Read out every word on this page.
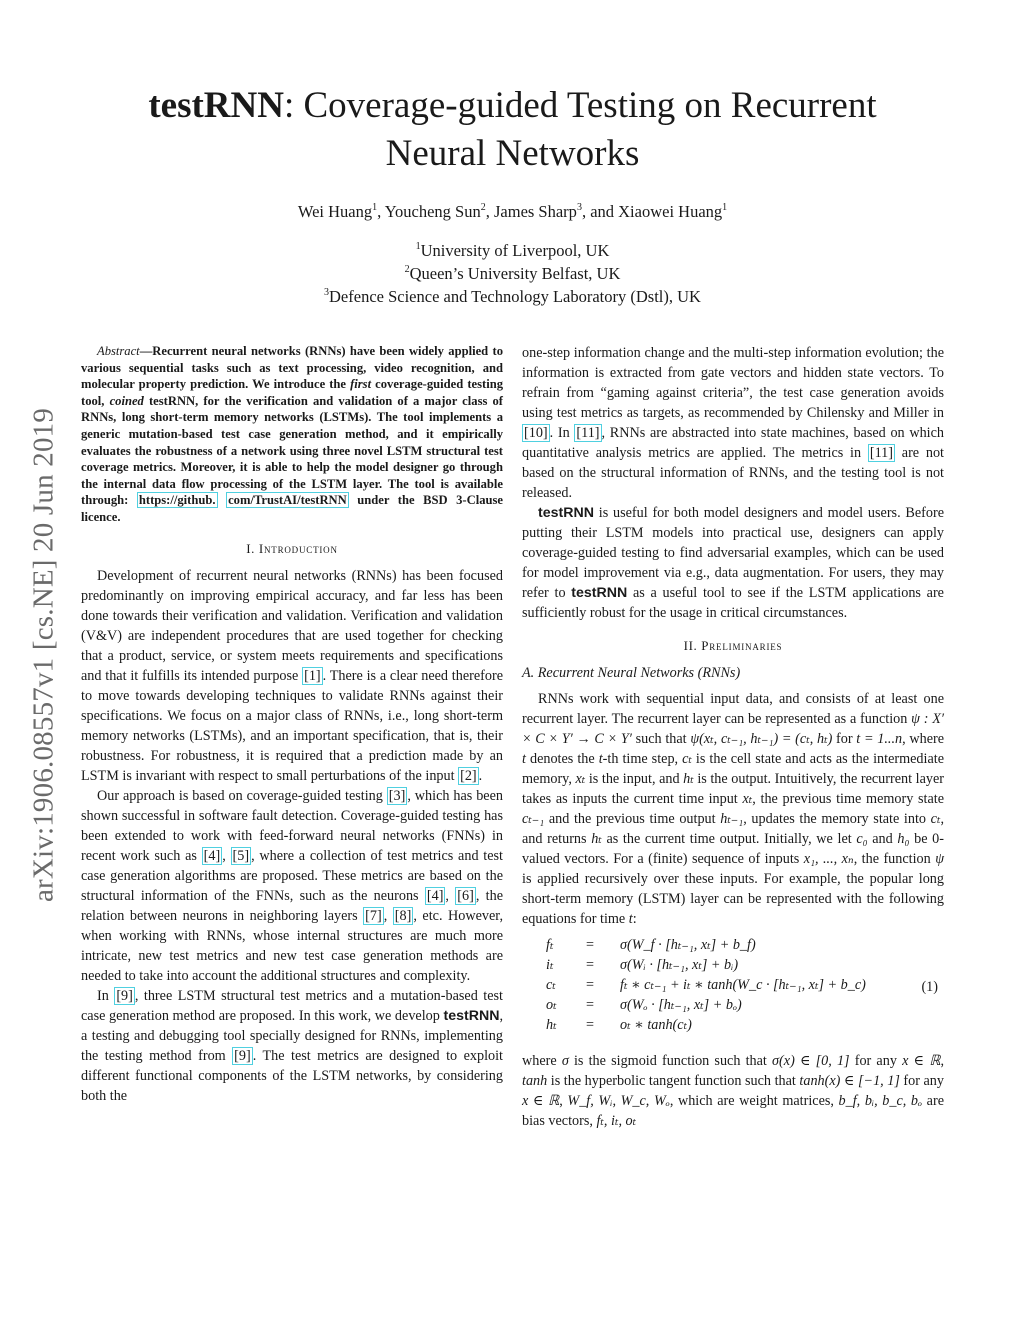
arXiv:1906.08557v1 [cs.NE] 20 Jun 2019
testRNN: Coverage-guided Testing on Recurrent
Neural Networks
Wei Huang$^1$, Youcheng Sun$^2$, James Sharp$^3$, and Xiaowei Huang$^1$
$^1$University of Liverpool, UK
$^2$Queen’s University Belfast, UK
$^3$Defence Science and Technology Laboratory (Dstl), UK

Abstract—Recurrent neural networks (RNNs) have been widely applied to various sequential tasks such as text processing, video recognition, and molecular property prediction. We introduce the first coverage-guided testing tool, coined testRNN, for the verification and validation of a major class of RNNs, long short-term memory networks (LSTMs). The tool implements a generic mutation-based test case generation method, and it empirically evaluates the robustness of a network using three novel LSTM structural test coverage metrics. Moreover, it is able to help the model designer go through the internal data flow processing of the LSTM layer. The tool is available through: https://github. com/TrustAI/testRNN under the BSD 3-Clause licence.

I. Introduction

Development of recurrent neural networks (RNNs) has been focused predominantly on improving empirical accuracy, and far less has been done towards their verification and validation. Verification and validation (V&V) are independent procedures that are used together for checking that a product, service, or system meets requirements and specifications and that it fulfills its intended purpose [1] . There is a clear need therefore to move towards developing techniques to validate RNNs against their specifications. We focus on a major class of RNNs, i.e., long short-term memory networks (LSTMs), and an important specification, that is, their robustness. For robustness, it is required that a prediction made by an LSTM is invariant with respect to small perturbations of the input [2] .

Our approach is based on coverage-guided testing [3] , which has been shown successful in software fault detection. Coverage-guided testing has been extended to work with feed-forward neural networks (FNNs) in recent work such as [4] , [5] , where a collection of test metrics and test case generation algorithms are proposed. These metrics are based on the structural information of the FNNs, such as the neurons [4] , [6] , the relation between neurons in neighboring layers [7] , [8] , etc. However, when working with RNNs, whose internal structures are much more intricate, new test metrics and new test case generation methods are needed to take into account the additional structures and complexity.

In [9] , three LSTM structural test metrics and a mutation-based test case generation method are proposed. In this work, we develop testRNN, a testing and debugging tool specially designed for RNNs, implementing the testing method from [9] . The test metrics are designed to exploit different functional components of the LSTM networks, by considering both the

one-step information change and the multi-step information evolution; the information is extracted from gate vectors and hidden state vectors. To refrain from “gaming against criteria”, the test case generation avoids using test metrics as targets, as recommended by Chilensky and Miller in [10] . In [11] , RNNs are abstracted into state machines, based on which quantitative analysis metrics are applied. The metrics in [11] are not based on the structural information of RNNs, and the testing tool is not released.

testRNN is useful for both model designers and model users. Before putting their LSTM models into practical use, designers can apply coverage-guided testing to find adversarial examples, which can be used for model improvement via e.g., data augmentation. For users, they may refer to testRNN as a useful tool to see if the LSTM applications are sufficiently robust for the usage in critical circumstances.

II. Preliminaries
A. Recurrent Neural Networks (RNNs)

RNNs work with sequential input data, and consists of at least one recurrent layer. The recurrent layer can be represented as a function ψ : X′ × C × Y′ → C × Y′ such that ψ(xₜ, cₜ₋₁, hₜ₋₁) = (cₜ, hₜ) for t = 1...n, where t denotes the t-th time step, cₜ is the cell state and acts as the intermediate memory, xₜ is the input, and hₜ is the output. Intuitively, the recurrent layer takes as inputs the current time input xₜ, the previous time memory state cₜ₋₁ and the previous time output hₜ₋₁, updates the memory state into cₜ, and returns hₜ as the current time output. Initially, we let c₀ and h₀ be 0-valued vectors. For a (finite) sequence of inputs x₁, ..., xₙ, the function ψ is applied recursively over these inputs. For example, the popular long short-term memory (LSTM) layer can be represented with the following equations for time t:

fₜ	=	σ(W_f · [hₜ₋₁, xₜ] + b_f)
iₜ	=	σ(Wᵢ · [hₜ₋₁, xₜ] + bᵢ)
cₜ	=	fₜ ∗ cₜ₋₁ + iₜ ∗ tanh(W_c · [hₜ₋₁, xₜ] + b_c)
oₜ	=	σ(Wₒ · [hₜ₋₁, xₜ] + bₒ)
hₜ	=	oₜ ∗ tanh(cₜ)
(1)

where σ is the sigmoid function such that σ(x) ∈ [0, 1] for any x ∈ ℝ, tanh is the hyperbolic tangent function such that tanh(x) ∈ [−1, 1] for any x ∈ ℝ, W_f, Wᵢ, W_c, Wₒ, which are weight matrices, b_f, bᵢ, b_c, bₒ are bias vectors, fₜ, iₜ, oₜ
